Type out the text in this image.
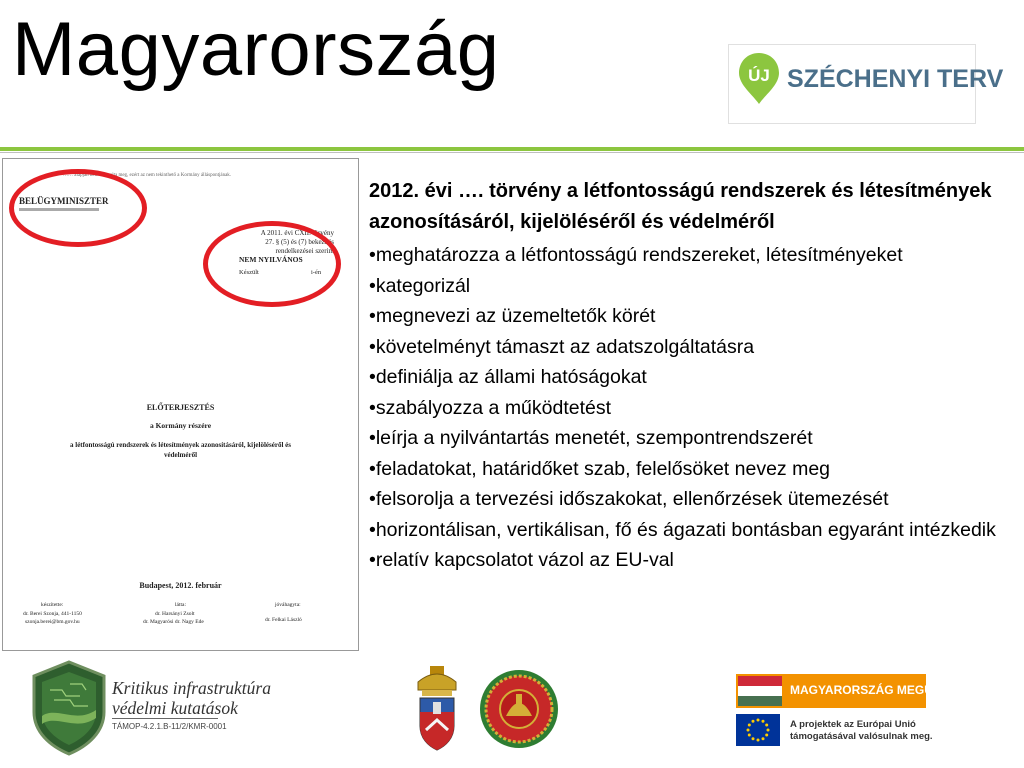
Magyarország	ÚJ SZÉCHENYI TERV
…… alapján nem tárgyalta meg, ezért az nem tekinthető a Kormány álláspontjának.
BELÜGYMINISZTER
A 2011. évi CXII. törvény
27. § (5) és (7) bekezdés
rendelkezései szerint
NEM NYILVÁNOS
Készült	i-én
ELŐTERJESZTÉS
a Kormány részére
a létfontosságú rendszerek és létesítmények azonosításáról, kijelöléséről és
védelméről
Budapest, 2012. február
készítette:
dr. Berei Szonja, 441-1150
szonja.berei@bm.gov.hu
látta:
dr. Harsányi Zsolt
dr. Magyarósi dr. Nagy Ede
jóváhagyta:
dr. Felkai László
2012. évi …. törvény a létfontosságú rendszerek és létesítmények azonosításáról, kijelöléséről és védelméről
•meghatározza a létfontosságú rendszereket, létesítményeket
•kategorizál
•megnevezi az üzemeltetők körét
•követelményt támaszt az adatszolgáltatásra
•definiálja az állami hatóságokat
•szabályozza a működtetést
•leírja a nyilvántartás menetét, szempontrendszerét
•feladatokat, határidőket szab, felelősöket nevez meg
•felsorolja a tervezési időszakokat, ellenőrzések ütemezését
•horizontálisan, vertikálisan, fő és ágazati bontásban egyaránt intézkedik
•relatív kapcsolatot vázol az EU-val
Kritikus infrastruktúra
védelmi kutatások
TÁMOP-4.2.1.B-11/2/KMR-0001
MAGYARORSZÁG MEGÚJUL
A projektek az Európai Unió
támogatásával valósulnak meg.
